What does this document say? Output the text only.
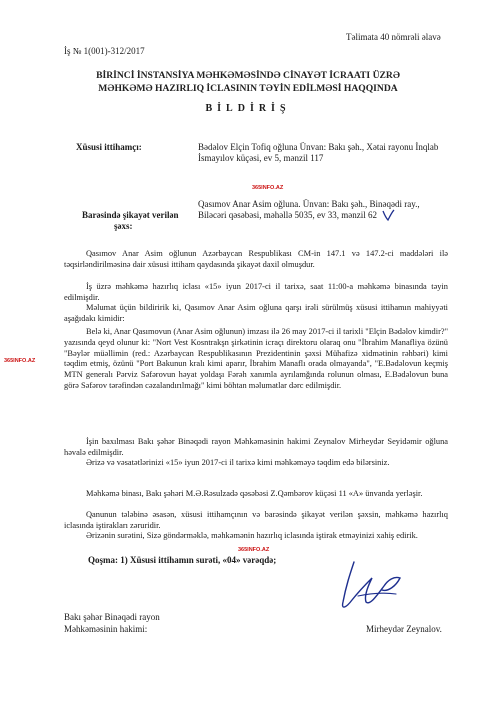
Təlimata 40 nömrəli əlavə
İş № 1(001)-312/2017
BİRİNCİ İNSTANSİYA MƏHKƏMƏSİNDƏ CİNAYƏT İCRAATI ÜZRƏ
MƏHKƏMƏ HAZIRLIQ İCLASININ TƏYİN EDİLMƏSİ HAQQINDA
BİLDİRİŞ
Xüsusi ittihamçı:	Bədəlov Elçin Tofiq oğluna Ünvan: Bakı şəh., Xətai rayonu İnqlab İsmayılov küçəsi, ev 5, mənzil 117
365INFO.AZ
Barəsində şikayət verilən
şəxs:
Qasımov Anar Asim oğluna. Ünvan: Bakı şəh., Binəqədi ray., Biləcəri qəsəbəsi, məhəllə 5035, ev 33, mənzil 62
Qasımov Anar Asim oğlunun Azərbaycan Respublikası CM-in 147.1 və 147.2-ci maddələri ilə təqsirləndirilməsinə dair xüsusi ittiham qaydasında şikayət daxil olmuşdur.
İş üzrə məhkəmə hazırlıq iclası «15» iyun 2017-ci il tarixə, saat 11:00-a məhkəmə binasında təyin edilmişdir.
Məlumat üçün bildiririk ki, Qasımov Anar Asim oğluna qarşı irəli sürülmüş xüsusi ittihamın mahiyyəti aşağıdakı kimidir:
Belə ki, Anar Qasımovun (Anar Asim oğlunun) imzası ilə 26 may 2017-ci il tarixli "Elçin Bədəlov kimdir?" yazısında qeyd olunur ki: "Nort Vest Kosntrakşn şirkətinin icraçı direktoru olaraq onu "İbrahim Manafliya özünü "Bəylər müəllimin (red.: Azərbaycan Respublikasının Prezidentinin şəxsi Mühafizə xidmətinin rəhbəri) kimi təqdim etmiş, özünü "Port Bakunun kralı kimi aparır, İbrahim Manaflı orada olmayanda", "E.Bədəlovun keçmiş MTN generalı Pərviz Səfərovun həyat yoldaşı Fərəh xanımla ayrılamğında rolunun olması, E.Bədəlovun buna görə Səfərov tərəfindən cəzalandırılmağı" kimi böhtan məlumatlar dərc edilmişdir.
365INFO.AZ
İşin baxılması Bakı şəhər Binəqədi rayon Məhkəməsinin hakimi Zeynalov Mirheydər Seyidəmir oğluna həvalə edilmişdir.
Ərizə və vəsatətlərinizi «15» iyun 2017-ci il tarixə kimi məhkəməyə təqdim edə bilərsiniz.
Məhkəmə binası, Bakı şəhəri M.Ə.Rəsulzadə qəsəbəsi Z.Qəmbərov küçəsi 11 «A» ünvanda yerləşir.
Qanunun tələbinə əsasən, xüsusi ittihamçının və barəsində şikayət verilən şəxsin, məhkəmə hazırlıq iclasında iştirakları zəruridir.
Ərizənin surətini, Sizə göndərməklə, məhkəmənin hazırlıq iclasında iştirak etməyinizi xahiş edirik.
365INFO.AZ
Qoşma: 1) Xüsusi ittihamın surəti, «04» vərəqdə;
Bakı şəhər Binəqədi rayon
Məhkəməsinin hakimi:	Mirheydər Zeynalov.
